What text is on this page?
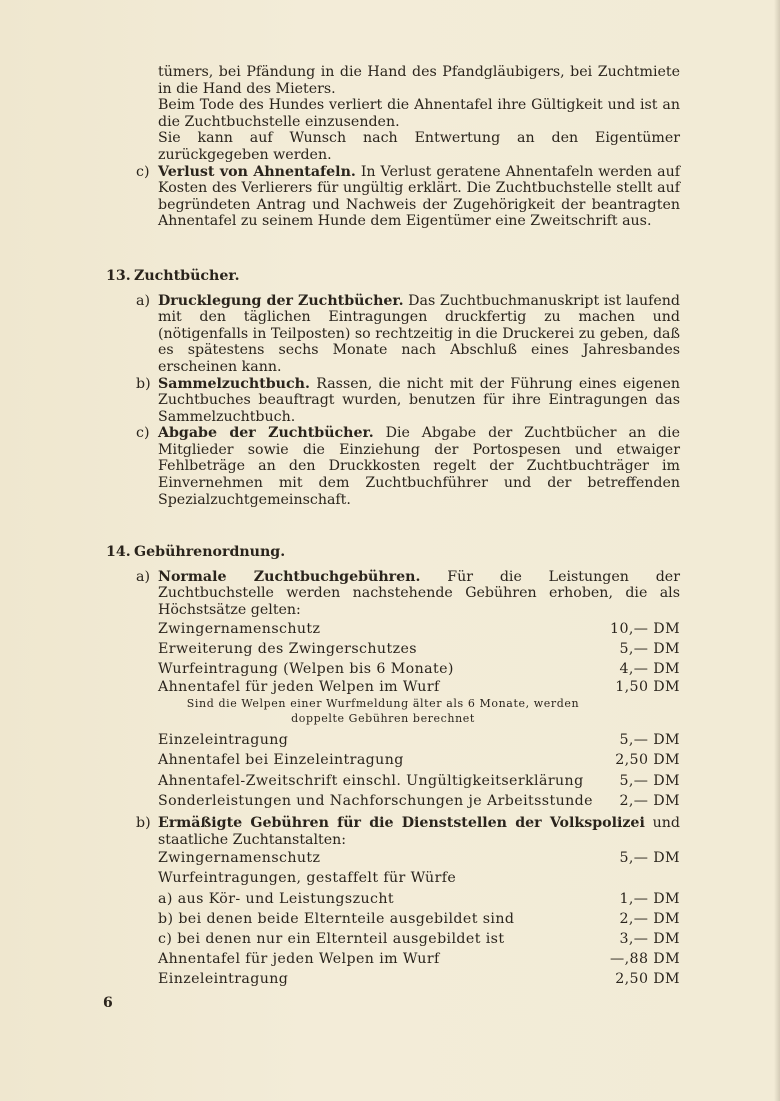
tümers, bei Pfändung in die Hand des Pfandgläubigers, bei Zuchtmiete in die Hand des Mieters.
Beim Tode des Hundes verliert die Ahnentafel ihre Gültigkeit und ist an die Zuchtbuchstelle einzusenden.
Sie kann auf Wunsch nach Entwertung an den Eigentümer zurückgegeben werden.
c) Verlust von Ahnentafeln. In Verlust geratene Ahnentafeln werden auf Kosten des Verlierers für ungültig erklärt. Die Zuchtbuchstelle stellt auf begründeten Antrag und Nachweis der Zugehörigkeit der beantragten Ahnentafel zu seinem Hunde dem Eigentümer eine Zweitschrift aus.
13. Zuchtbücher.
a) Drucklegung der Zuchtbücher. Das Zuchtbuchmanuskript ist laufend mit den täglichen Eintragungen druckfertig zu machen und (nötigenfalls in Teilposten) so rechtzeitig in die Druckerei zu geben, daß es spätestens sechs Monate nach Abschluß eines Jahresbandes erscheinen kann.
b) Sammelzuchtbuch. Rassen, die nicht mit der Führung eines eigenen Zuchtbuches beauftragt wurden, benutzen für ihre Eintragungen das Sammelzuchtbuch.
c) Abgabe der Zuchtbücher. Die Abgabe der Zuchtbücher an die Mitglieder sowie die Einziehung der Portospesen und etwaiger Fehlbeträge an den Druckkosten regelt der Zuchtbuchträger im Einvernehmen mit dem Zuchtbuchführer und der betreffenden Spezialzuchtgemeinschaft.
14. Gebührenordnung.
a) Normale Zuchtbuchgebühren. Für die Leistungen der Zuchtbuchstelle werden nachstehende Gebühren erhoben, die als Höchstsätze gelten:
Zwingernamenschutz	10,— DM
Erweiterung des Zwingerschutzes	5,— DM
Wurfeintragung (Welpen bis 6 Monate)	4,— DM
Ahnentafel für jeden Welpen im Wurf	1,50 DM
Sind die Welpen einer Wurfmeldung älter als 6 Monate, werden doppelte Gebühren berechnet
Einzeleintragung	5,— DM
Ahnentafel bei Einzeleintragung	2,50 DM
Ahnentafel-Zweitschrift einschl. Ungültigkeitserklärung	5,— DM
Sonderleistungen und Nachforschungen je Arbeitsstunde 2,— DM
b) Ermäßigte Gebühren für die Dienststellen der Volkspolizei und staatliche Zuchtanstalten:
Zwingernamenschutz	5,— DM
Wurfeintragungen, gestaffelt für Würfe
a) aus Kör- und Leistungszucht	1,— DM
b) bei denen beide Elternteile ausgebildet sind	2,— DM
c) bei denen nur ein Elternteil ausgebildet ist	3,— DM
Ahnentafel für jeden Welpen im Wurf	—,88 DM
Einzeleintragung	2,50 DM
6
